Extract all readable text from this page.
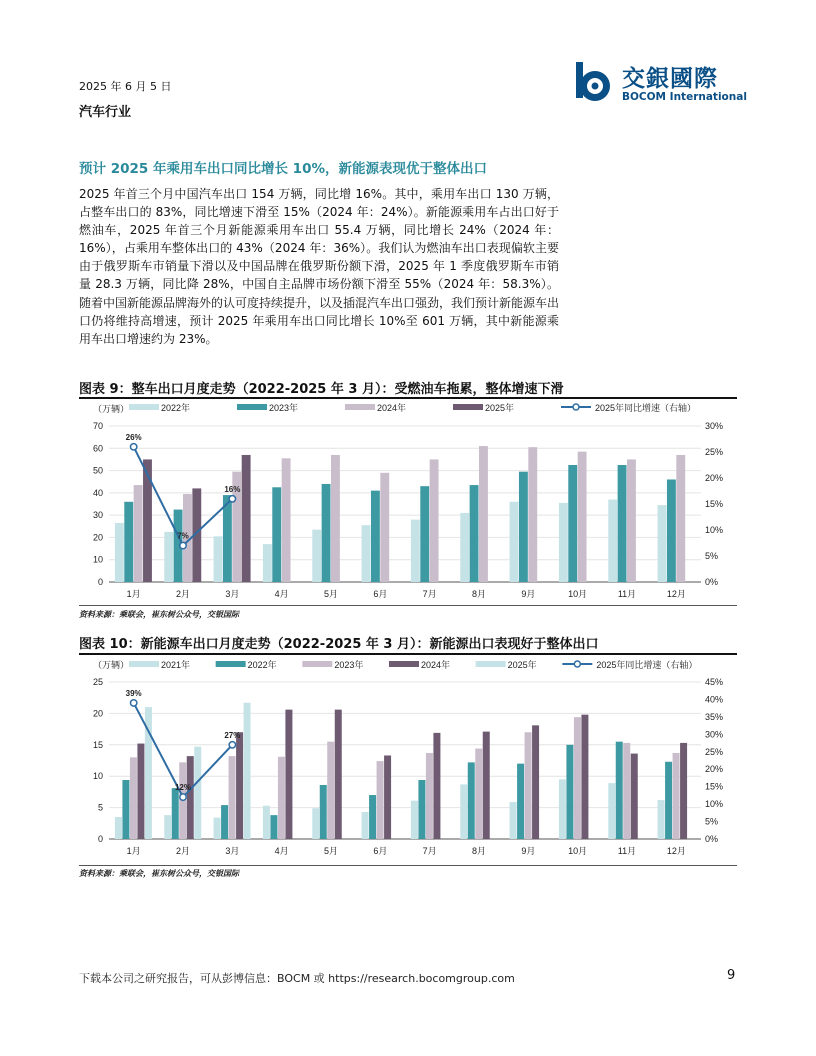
2025 年 6 月 5 日
汽车行业
交銀國際
BOCOM International
预计 2025 年乘用车出口同比增长 10%，新能源表现优于整体出口
2025 年首三个月中国汽车出口 154 万辆，同比增 16%。其中，乘用车出口 130 万辆，占整车出口的 83%，同比增速下滑至 15%（2024 年：24%）。新能源乘用车占出口好于燃油车，2025 年首三个月新能源乘用车出口 55.4 万辆，同比增长 24%（2024 年：16%），占乘用车整体出口的 43%（2024 年：36%）。我们认为燃油车出口表现偏软主要由于俄罗斯车市销量下滑以及中国品牌在俄罗斯份额下滑，2025 年 1 季度俄罗斯车市销量 28.3 万辆，同比降 28%，中国自主品牌市场份额下滑至 55%（2024 年：58.3%）。随着中国新能源品牌海外的认可度持续提升，以及插混汽车出口强劲，我们预计新能源车出口仍将维持高增速，预计 2025 年乘用车出口同比增长 10%至 601 万辆，其中新能源乘用车出口增速约为 23%。
图表 9：整车出口月度走势（2022-2025 年 3 月）：受燃油车拖累，整体增速下滑
（万辆）	2022年	2023年	2024年	2025年	2025年同比增速（右轴）
0
10
20
30
40
50
60
70
0%
5%
10%
15%
20%
25%
30%
1月	2月	3月	4月	5月	6月	7月	8月	9月	10月	11月	12月
26%
7%
16%
资料来源：乘联会，崔东树公众号，交银国际
图表 10：新能源车出口月度走势（2022-2025 年 3 月）：新能源出口表现好于整体出口
（万辆）	2021年	2022年	2023年	2024年	2025年	2025年同比增速（右轴）
0
5
10
15
20
25
0%
5%
10%
15%
20%
25%
30%
35%
40%
45%
1月	2月	3月	4月	5月	6月	7月	8月	9月	10月	11月	12月
39%
12%
27%
资料来源：乘联会，崔东树公众号，交银国际
下载本公司之研究报告，可从彭博信息：BOCM 或 https://research.bocomgroup.com	9
